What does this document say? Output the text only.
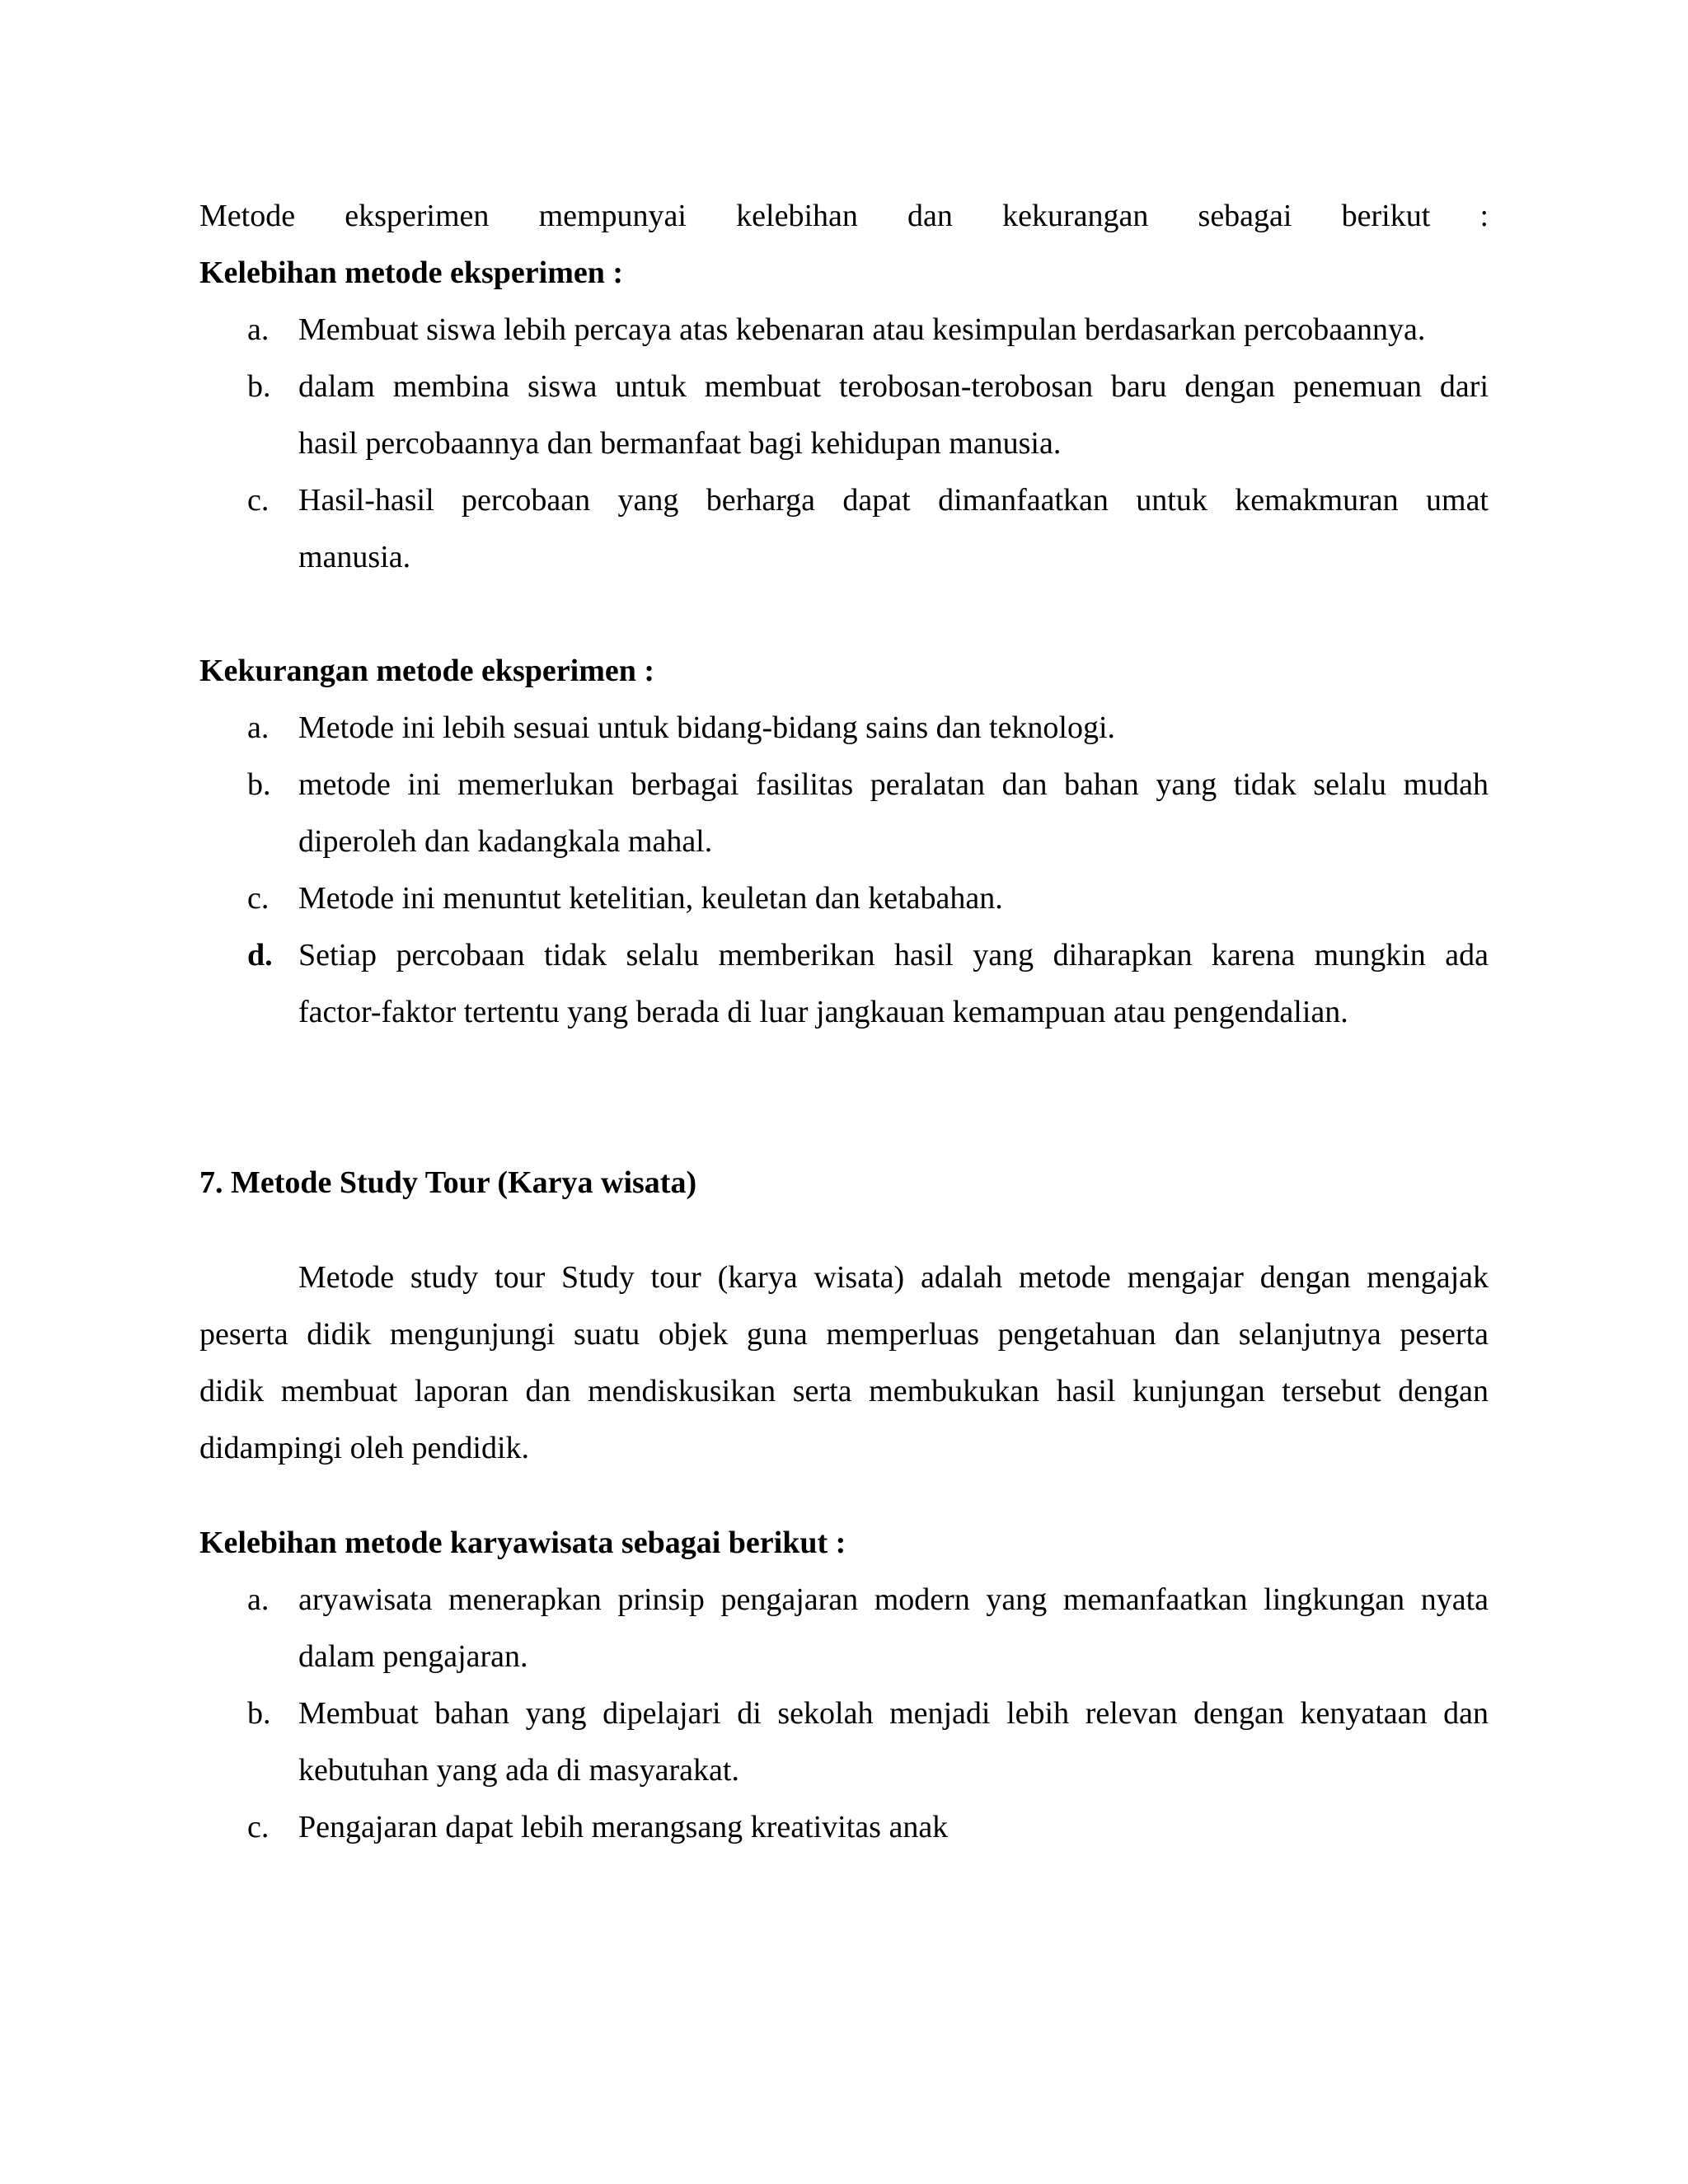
Metode eksperimen mempunyai kelebihan dan kekurangan sebagai berikut :
Kelebihan metode eksperimen :
a. Membuat siswa lebih percaya atas kebenaran atau kesimpulan berdasarkan percobaannya.
b. dalam membina siswa untuk membuat terobosan-terobosan baru dengan penemuan dari
hasil percobaannya dan bermanfaat bagi kehidupan manusia.
c. Hasil-hasil percobaan yang berharga dapat dimanfaatkan untuk kemakmuran umat
manusia.
Kekurangan metode eksperimen :
a. Metode ini lebih sesuai untuk bidang-bidang sains dan teknologi.
b. metode ini memerlukan berbagai fasilitas peralatan dan bahan yang tidak selalu mudah
diperoleh dan kadangkala mahal.
c. Metode ini menuntut ketelitian, keuletan dan ketabahan.
d. Setiap percobaan tidak selalu memberikan hasil yang diharapkan karena mungkin ada
factor-faktor tertentu yang berada di luar jangkauan kemampuan atau pengendalian.
7. Metode Study Tour (Karya wisata)
Metode study tour Study tour (karya wisata) adalah metode mengajar dengan mengajak
peserta didik mengunjungi suatu objek guna memperluas pengetahuan dan selanjutnya peserta
didik membuat laporan dan mendiskusikan serta membukukan hasil kunjungan tersebut dengan
didampingi oleh pendidik.
Kelebihan metode karyawisata sebagai berikut :
a. aryawisata menerapkan prinsip pengajaran modern yang memanfaatkan lingkungan nyata
dalam pengajaran.
b. Membuat bahan yang dipelajari di sekolah menjadi lebih relevan dengan kenyataan dan
kebutuhan yang ada di masyarakat.
c. Pengajaran dapat lebih merangsang kreativitas anak
